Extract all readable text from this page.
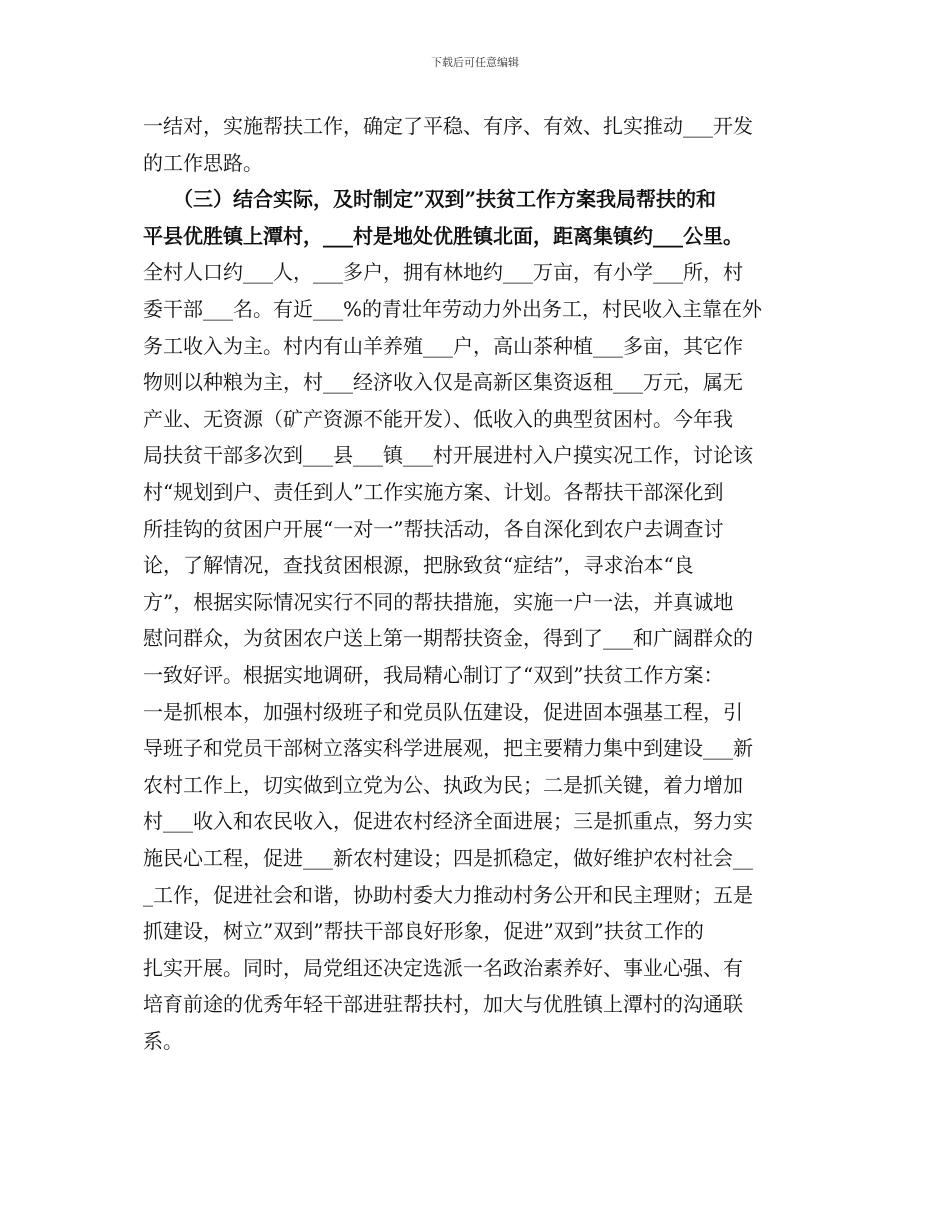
下载后可任意编辑
一结对，实施帮扶工作，确定了平稳、有序、有效、扎实推动___开发
的工作思路。
　　（三）结合实际，及时制定”双到”扶贫工作方案我局帮扶的和
平县优胜镇上潭村，___村是地处优胜镇北面，距离集镇约___公里。
全村人口约___人，___多户，拥有林地约___万亩，有小学___所，村
委干部___名。有近___%的青壮年劳动力外出务工，村民收入主靠在外
务工收入为主。村内有山羊养殖___户，高山茶种植___多亩，其它作
物则以种粮为主，村___经济收入仅是高新区集资返租___万元，属无
产业、无资源（矿产资源不能开发）、低收入的典型贫困村。今年我
局扶贫干部多次到___县___镇___村开展进村入户摸实况工作，讨论该
村“规划到户、责任到人”工作实施方案、计划。各帮扶干部深化到
所挂钩的贫困户开展“一对一”帮扶活动，各自深化到农户去调查讨
论，了解情况，查找贫困根源，把脉致贫“症结”，寻求治本“良
方”，根据实际情况实行不同的帮扶措施，实施一户一法，并真诚地
慰问群众，为贫困农户送上第一期帮扶资金，得到了___和广阔群众的
一致好评。根据实地调研，我局精心制订了“双到”扶贫工作方案：
一是抓根本，加强村级班子和党员队伍建设，促进固本强基工程，引
导班子和党员干部树立落实科学进展观，把主要精力集中到建设___新
农村工作上，切实做到立党为公、执政为民；二是抓关键，着力增加
村___收入和农民收入，促进农村经济全面进展；三是抓重点，努力实
施民心工程，促进___新农村建设；四是抓稳定，做好维护农村社会__
_工作，促进社会和谐，协助村委大力推动村务公开和民主理财；五是
抓建设，树立”双到”帮扶干部良好形象，促进”双到”扶贫工作的
扎实开展。同时，局党组还决定选派一名政治素养好、事业心强、有
培育前途的优秀年轻干部进驻帮扶村，加大与优胜镇上潭村的沟通联
系。
